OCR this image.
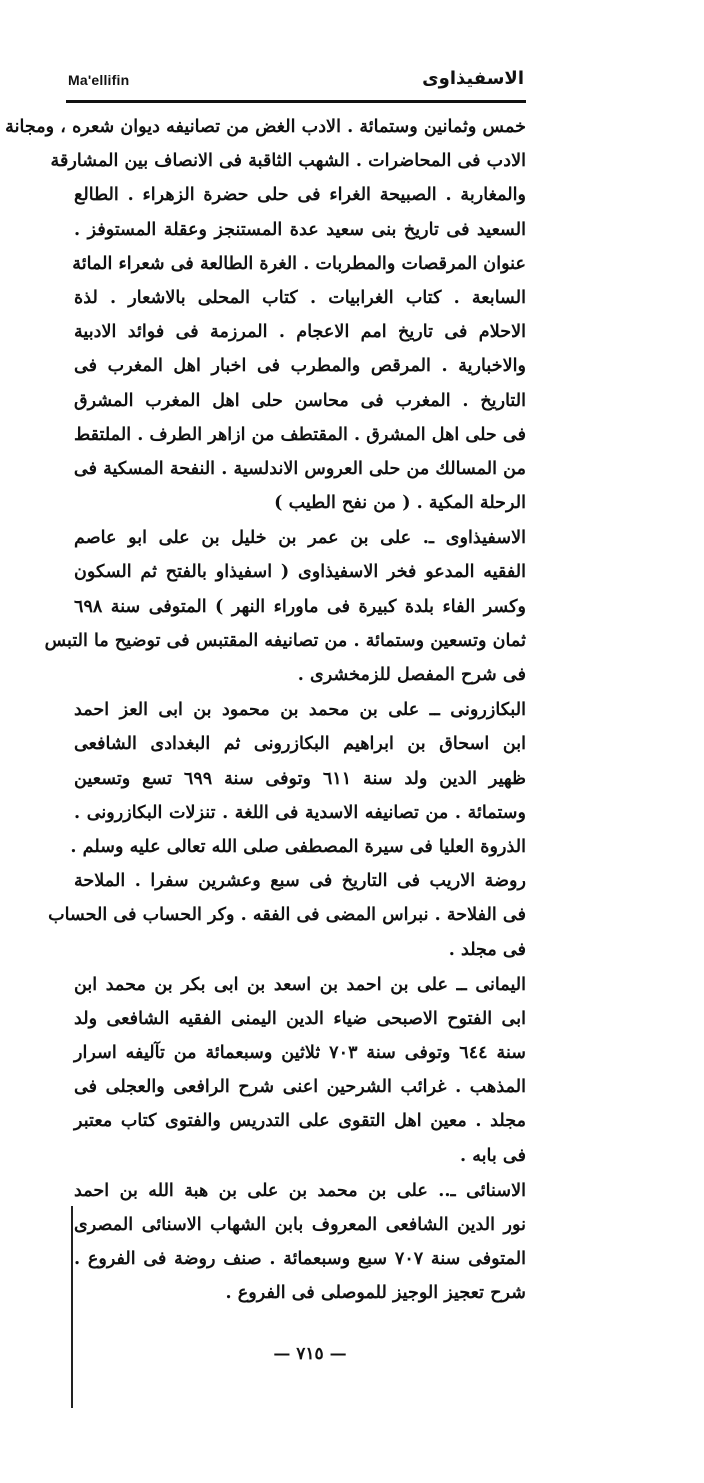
Ma'ellifin	الاسفيذاوى
خمس وثمانين وستمائة . الادب الغض من تصانيفه ديوان شعره ، ومجانة
الادب فى المحاضرات . الشهب الثاقبة فى الانصاف بين المشارقة
والمغاربة . الصبيحة الغراء فى حلى حضرة الزهراء . الطالع
السعيد فى تاريخ بنى سعيد عدة المستنجز وعقلة المستوفز .
عنوان المرقصات والمطربات . الغرة الطالعة فى شعراء المائة
السابعة . كتاب الغرابيات . كتاب المحلى بالاشعار . لذة
الاحلام فى تاريخ امم الاعجام . المرزمة فى فوائد الادبية
والاخبارية . المرقص والمطرب فى اخبار اهل المغرب فى
التاريخ . المغرب فى محاسن حلى اهل المغرب المشرق
فى حلى اهل المشرق . المقتطف من ازاهر الطرف . الملتقط
من المسالك من حلى العروس الاندلسية . النفحة المسكية فى
الرحلة المكية . ( من نفح الطيب )
الاسفيذاوى ـ. على بن عمر بن خليل بن على ابو عاصم
الفقيه المدعو فخر الاسفيذاوى ( اسفيذاو بالفتح ثم السكون
وكسر الفاء بلدة كبيرة فى ماوراء النهر ) المتوفى سنة ٦٩٨
ثمان وتسعين وستمائة . من تصانيفه المقتبس فى توضيح ما التبس
فى شرح المفصل للزمخشرى .
البكازرونى ــ على بن محمد بن محمود بن ابى العز احمد
ابن اسحاق بن ابراهيم البكازرونى ثم البغدادى الشافعى
ظهير الدين ولد سنة ٦١١ وتوفى سنة ٦٩٩ تسع وتسعين
وستمائة . من تصانيفه الاسدية فى اللغة . تنزلات البكازرونى .
الذروة العليا فى سيرة المصطفى صلى الله تعالى عليه وسلم .
روضة الاريب فى التاريخ فى سبع وعشرين سفرا . الملاحة
فى الفلاحة . نبراس المضى فى الفقه . وكر الحساب فى الحساب
فى مجلد .
اليمانى ــ على بن احمد بن اسعد بن ابى بكر بن محمد ابن
ابى الفتوح الاصبحى ضياء الدين اليمنى الفقيه الشافعى ولد
سنة ٦٤٤ وتوفى سنة ٧٠٣ ثلاثين وسبعمائة من تآليفه اسرار
المذهب . غرائب الشرحين اعنى شرح الرافعى والعجلى فى
مجلد . معين اهل التقوى على التدريس والفتوى كتاب معتبر
فى بابه .
الاسنائى ـ.. على بن محمد بن على بن هبة الله بن احمد
نور الدين الشافعى المعروف بابن الشهاب الاسنائى المصرى
المتوفى سنة ٧٠٧ سبع وسبعمائة . صنف روضة فى الفروع .
شرح تعجيز الوجيز للموصلى فى الفروع .
— ٧١٥ —
